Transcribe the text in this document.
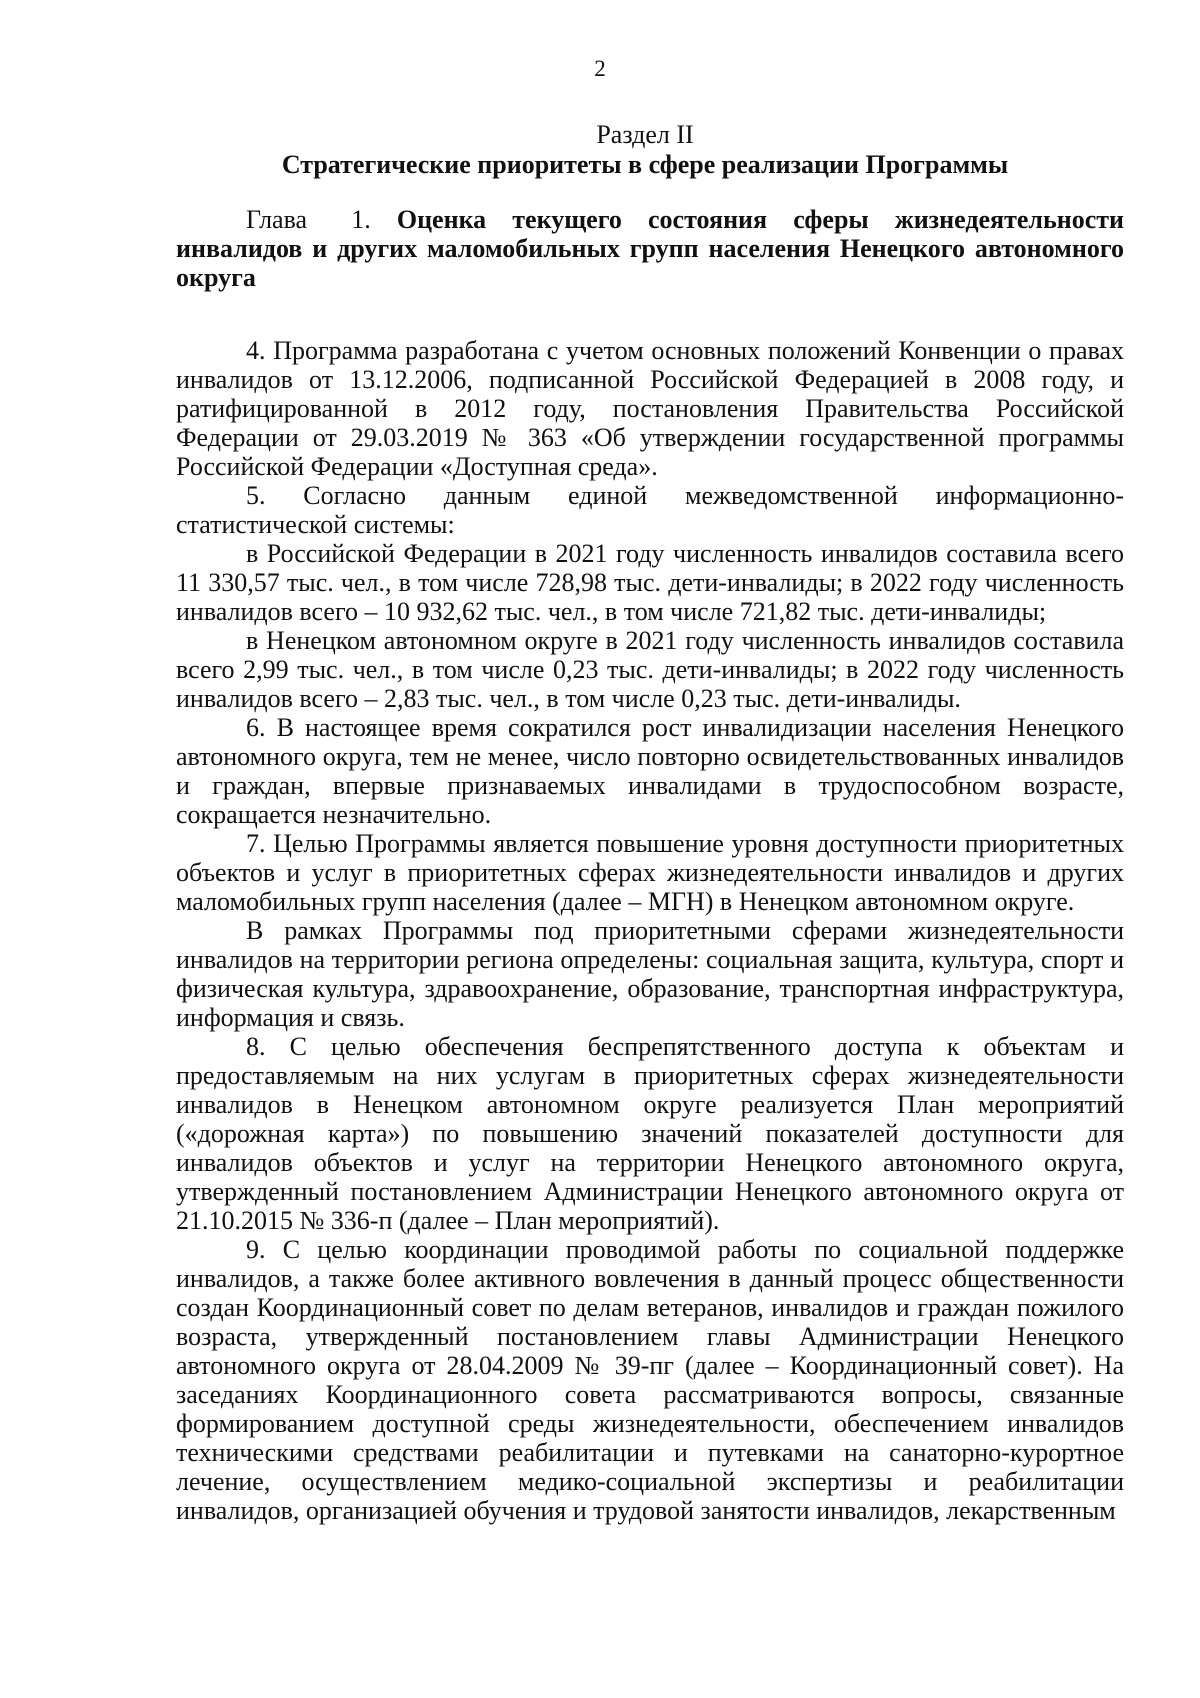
2
Раздел II
Стратегические приоритеты в сфере реализации Программы

Глава 1. Оценка текущего состояния сферы жизнедеятельности инвалидов и других маломобильных групп населения Ненецкого автономного округа

4. Программа разработана с учетом основных положений Конвенции о правах инвалидов от 13.12.2006, подписанной Российской Федерацией в 2008 году, и ратифицированной в 2012 году, постановления Правительства Российской Федерации от 29.03.2019 № 363 «Об утверждении государственной программы Российской Федерации «Доступная среда».

5. Согласно данным единой межведомственной информационно-статистической системы:

в Российской Федерации в 2021 году численность инвалидов составила всего 11 330,57 тыс. чел., в том числе 728,98 тыс. дети-инвалиды; в 2022 году численность инвалидов всего – 10 932,62 тыс. чел., в том числе 721,82 тыс. дети-инвалиды;

в Ненецком автономном округе в 2021 году численность инвалидов составила всего 2,99 тыс. чел., в том числе 0,23 тыс. дети-инвалиды; в 2022 году численность инвалидов всего – 2,83 тыс. чел., в том числе 0,23 тыс. дети-инвалиды.

6. В настоящее время сократился рост инвалидизации населения Ненецкого автономного округа, тем не менее, число повторно освидетельствованных инвалидов и граждан, впервые признаваемых инвалидами в трудоспособном возрасте, сокращается незначительно.

7. Целью Программы является повышение уровня доступности приоритетных объектов и услуг в приоритетных сферах жизнедеятельности инвалидов и других маломобильных групп населения (далее – МГН) в Ненецком автономном округе.

В рамках Программы под приоритетными сферами жизнедеятельности инвалидов на территории региона определены: социальная защита, культура, спорт и физическая культура, здравоохранение, образование, транспортная инфраструктура, информация и связь.

8. С целью обеспечения беспрепятственного доступа к объектам и предоставляемым на них услугам в приоритетных сферах жизнедеятельности инвалидов в Ненецком автономном округе реализуется План мероприятий («дорожная карта») по повышению значений показателей доступности для инвалидов объектов и услуг на территории Ненецкого автономного округа, утвержденный постановлением Администрации Ненецкого автономного округа от 21.10.2015 № 336-п (далее – План мероприятий).

9. С целью координации проводимой работы по социальной поддержке инвалидов, а также более активного вовлечения в данный процесс общественности создан Координационный совет по делам ветеранов, инвалидов и граждан пожилого возраста, утвержденный постановлением главы Администрации Ненецкого автономного округа от 28.04.2009 № 39-пг (далее – Координационный совет). На заседаниях Координационного совета рассматриваются вопросы, связанные формированием доступной среды жизнедеятельности, обеспечением инвалидов техническими средствами реабилитации и путевками на санаторно-курортное лечение, осуществлением медико-социальной экспертизы и реабилитации инвалидов, организацией обучения и трудовой занятости инвалидов, лекарственным
